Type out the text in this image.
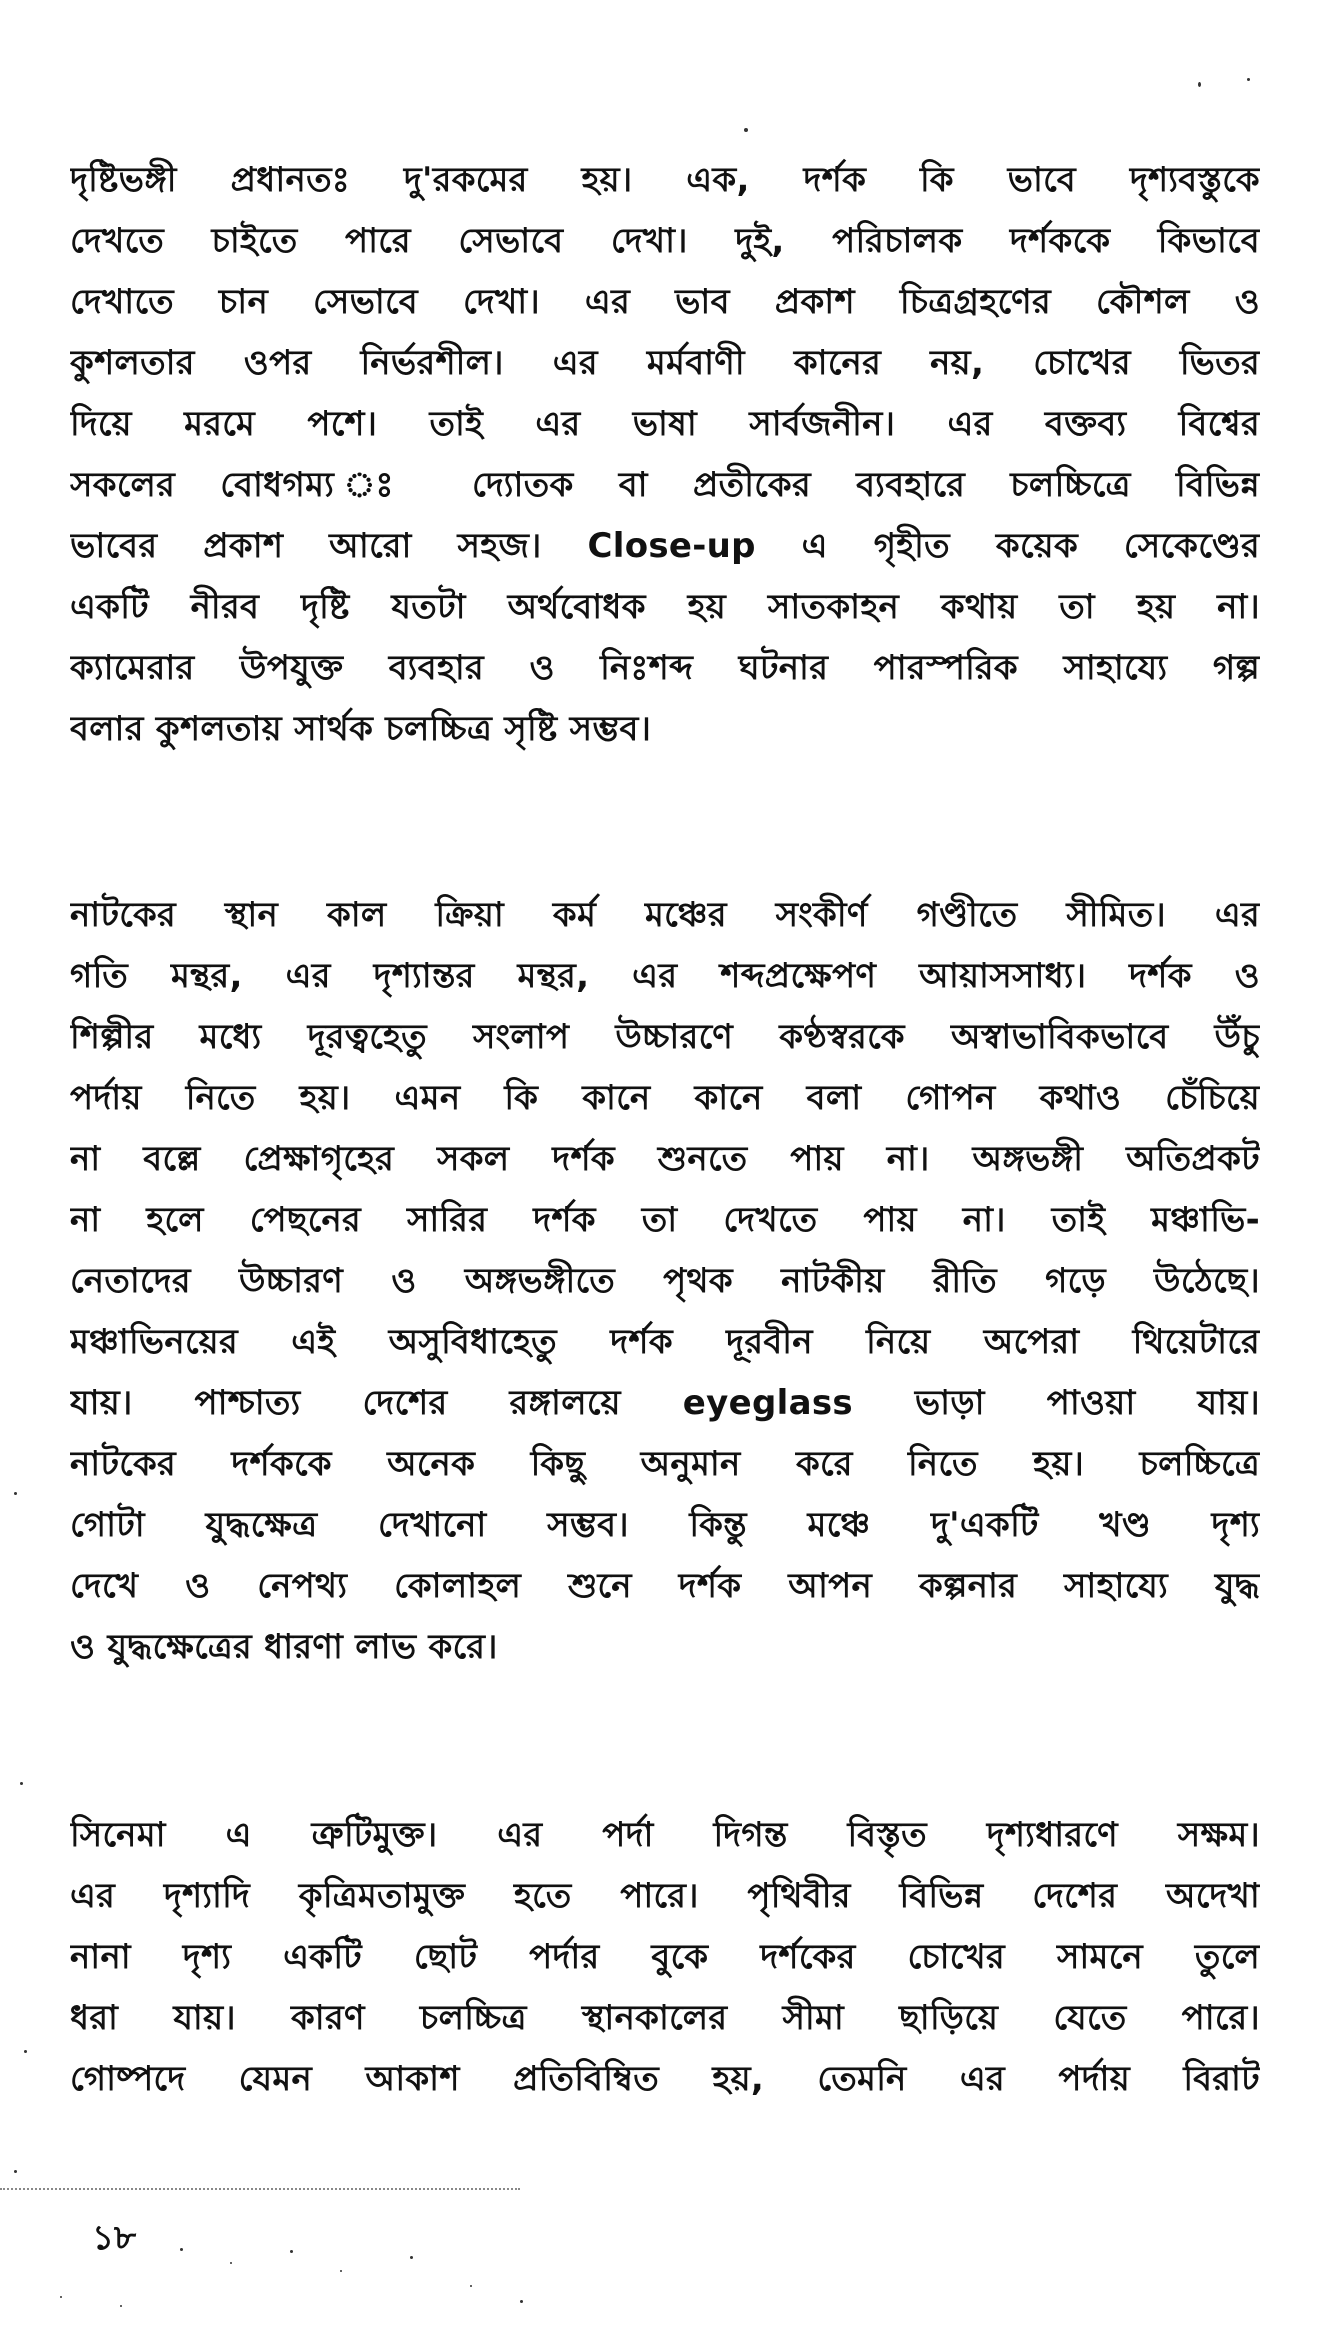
দৃষ্টিভঙ্গী প্রধানতঃ দু'রকমের হয়। এক, দর্শক কি ভাবে দৃশ্যবস্তুকে
দেখতে চাইতে পারে সেভাবে দেখা। দুই, পরিচালক দর্শককে কিভাবে
দেখাতে চান সেভাবে দেখা। এর ভাব প্রকাশ চিত্রগ্রহণের কৌশল ও
কুশলতার ওপর নির্ভরশীল। এর মর্মবাণী কানের নয়, চোখের ভিতর
দিয়ে মরমে পশে। তাই এর ভাষা সার্বজনীন। এর বক্তব্য বিশ্বের
সকলের বোধগম্য ঃ দ্যোতক বা প্রতীকের ব্যবহারে চলচ্চিত্রে বিভিন্ন
ভাবের প্রকাশ আরো সহজ। Close-up এ গৃহীত কয়েক সেকেণ্ডের
একটি নীরব দৃষ্টি যতটা অর্থবোধক হয় সাতকাহন কথায় তা হয় না।
ক্যামেরার উপযুক্ত ব্যবহার ও নিঃশব্দ ঘটনার পারস্পরিক সাহায্যে গল্প
বলার কুশলতায় সার্থক চলচ্চিত্র সৃষ্টি সম্ভব।
নাটকের স্থান কাল ক্রিয়া কর্ম মঞ্চের সংকীর্ণ গণ্ডীতে সীমিত। এর
গতি মন্থর, এর দৃশ্যান্তর মন্থর, এর শব্দপ্রক্ষেপণ আয়াসসাধ্য। দর্শক ও
শিল্পীর মধ্যে দূরত্বহেতু সংলাপ উচ্চারণে কণ্ঠস্বরকে অস্বাভাবিকভাবে উঁচু
পর্দায় নিতে হয়। এমন কি কানে কানে বলা গোপন কথাও চেঁচিয়ে
না বল্লে প্রেক্ষাগৃহের সকল দর্শক শুনতে পায় না। অঙ্গভঙ্গী অতিপ্রকট
না হলে পেছনের সারির দর্শক তা দেখতে পায় না। তাই মঞ্চাভি-
নেতাদের উচ্চারণ ও অঙ্গভঙ্গীতে পৃথক নাটকীয় রীতি গড়ে উঠেছে।
মঞ্চাভিনয়ের এই অসুবিধাহেতু দর্শক দূরবীন নিয়ে অপেরা থিয়েটারে
যায়। পাশ্চাত্য দেশের রঙ্গালয়ে eyeglass ভাড়া পাওয়া যায়।
নাটকের দর্শককে অনেক কিছু অনুমান করে নিতে হয়। চলচ্চিত্রে
গোটা যুদ্ধক্ষেত্র দেখানো সম্ভব। কিন্তু মঞ্চে দু'একটি খণ্ড দৃশ্য
দেখে ও নেপথ্য কোলাহল শুনে দর্শক আপন কল্পনার সাহায্যে যুদ্ধ
ও যুদ্ধক্ষেত্রের ধারণা লাভ করে।
সিনেমা এ ত্রুটিমুক্ত। এর পর্দা দিগন্ত বিস্তৃত দৃশ্যধারণে সক্ষম।
এর দৃশ্যাদি কৃত্রিমতামুক্ত হতে পারে। পৃথিবীর বিভিন্ন দেশের অদেখা
নানা দৃশ্য একটি ছোট পর্দার বুকে দর্শকের চোখের সামনে তুলে
ধরা যায়। কারণ চলচ্চিত্র স্থানকালের সীমা ছাড়িয়ে যেতে পারে।
গোষ্পদে যেমন আকাশ প্রতিবিম্বিত হয়, তেমনি এর পর্দায় বিরাট
১৮
